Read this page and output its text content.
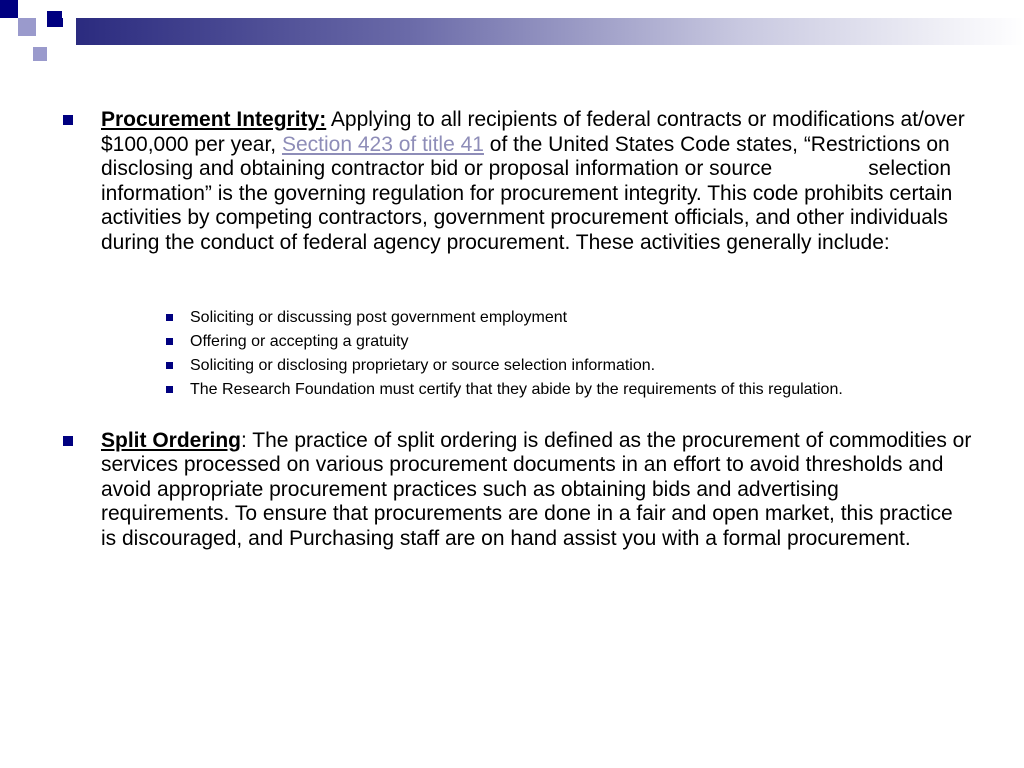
Procurement Integrity: Applying to all recipients of federal contracts or modifications at/over $100,000 per year, Section 423 of title 41 of the United States Code states, “Restrictions on disclosing and obtaining contractor bid or proposal information or source	selection information” is the governing regulation for procurement integrity. This code prohibits certain activities by competing contractors, government procurement officials, and other individuals during the conduct of federal agency procurement. These activities generally include:
Soliciting or discussing post government employment
Offering or accepting a gratuity
Soliciting or disclosing proprietary or source selection information.
The Research Foundation must certify that they abide by the requirements of this regulation.
Split Ordering: The practice of split ordering is defined as the procurement of commodities or services processed on various procurement documents in an effort to avoid thresholds and avoid appropriate procurement practices such as obtaining bids and advertising requirements. To ensure that procurements are done in a fair and open market, this practice is discouraged, and Purchasing staff are on hand assist you with a formal procurement.
